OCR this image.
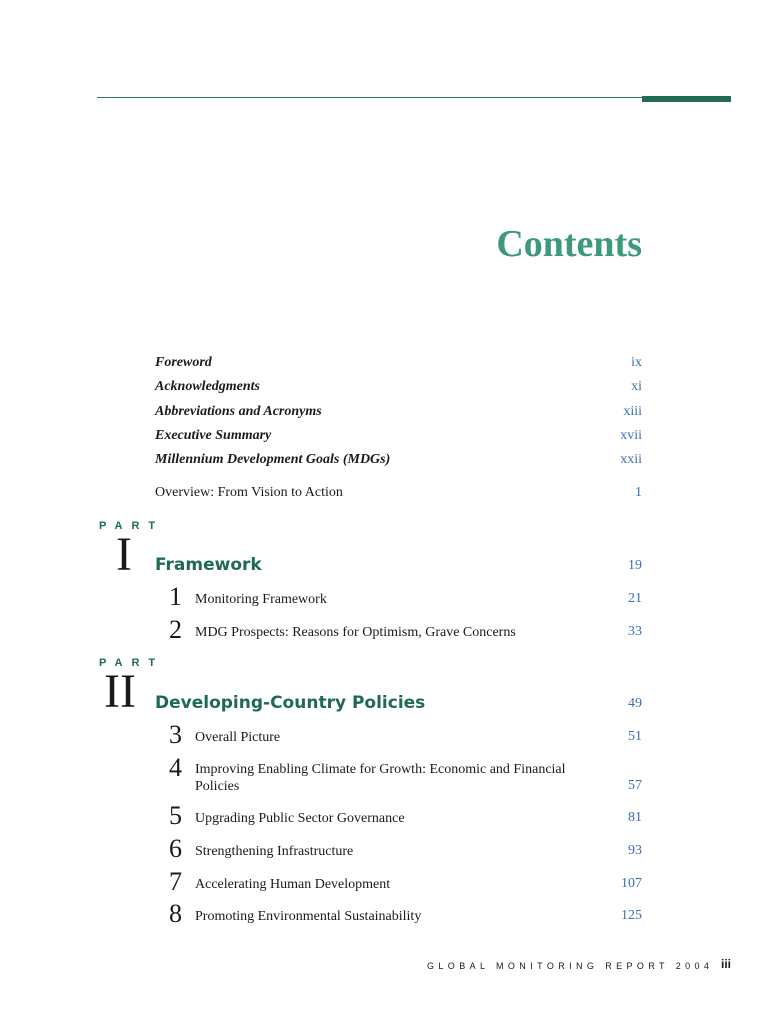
Contents
Foreword	ix
Acknowledgments	xi
Abbreviations and Acronyms	xiii
Executive Summary	xvii
Millennium Development Goals (MDGs)	xxii
Overview: From Vision to Action	1
PART
I Framework	19
1 Monitoring Framework	21
2 MDG Prospects: Reasons for Optimism, Grave Concerns	33
PART
II Developing-Country Policies	49
3 Overall Picture	51
4 Improving Enabling Climate for Growth: Economic and Financial Policies	57
5 Upgrading Public Sector Governance	81
6 Strengthening Infrastructure	93
7 Accelerating Human Development	107
8 Promoting Environmental Sustainability	125
GLOBAL MONITORING REPORT 2004 iii
